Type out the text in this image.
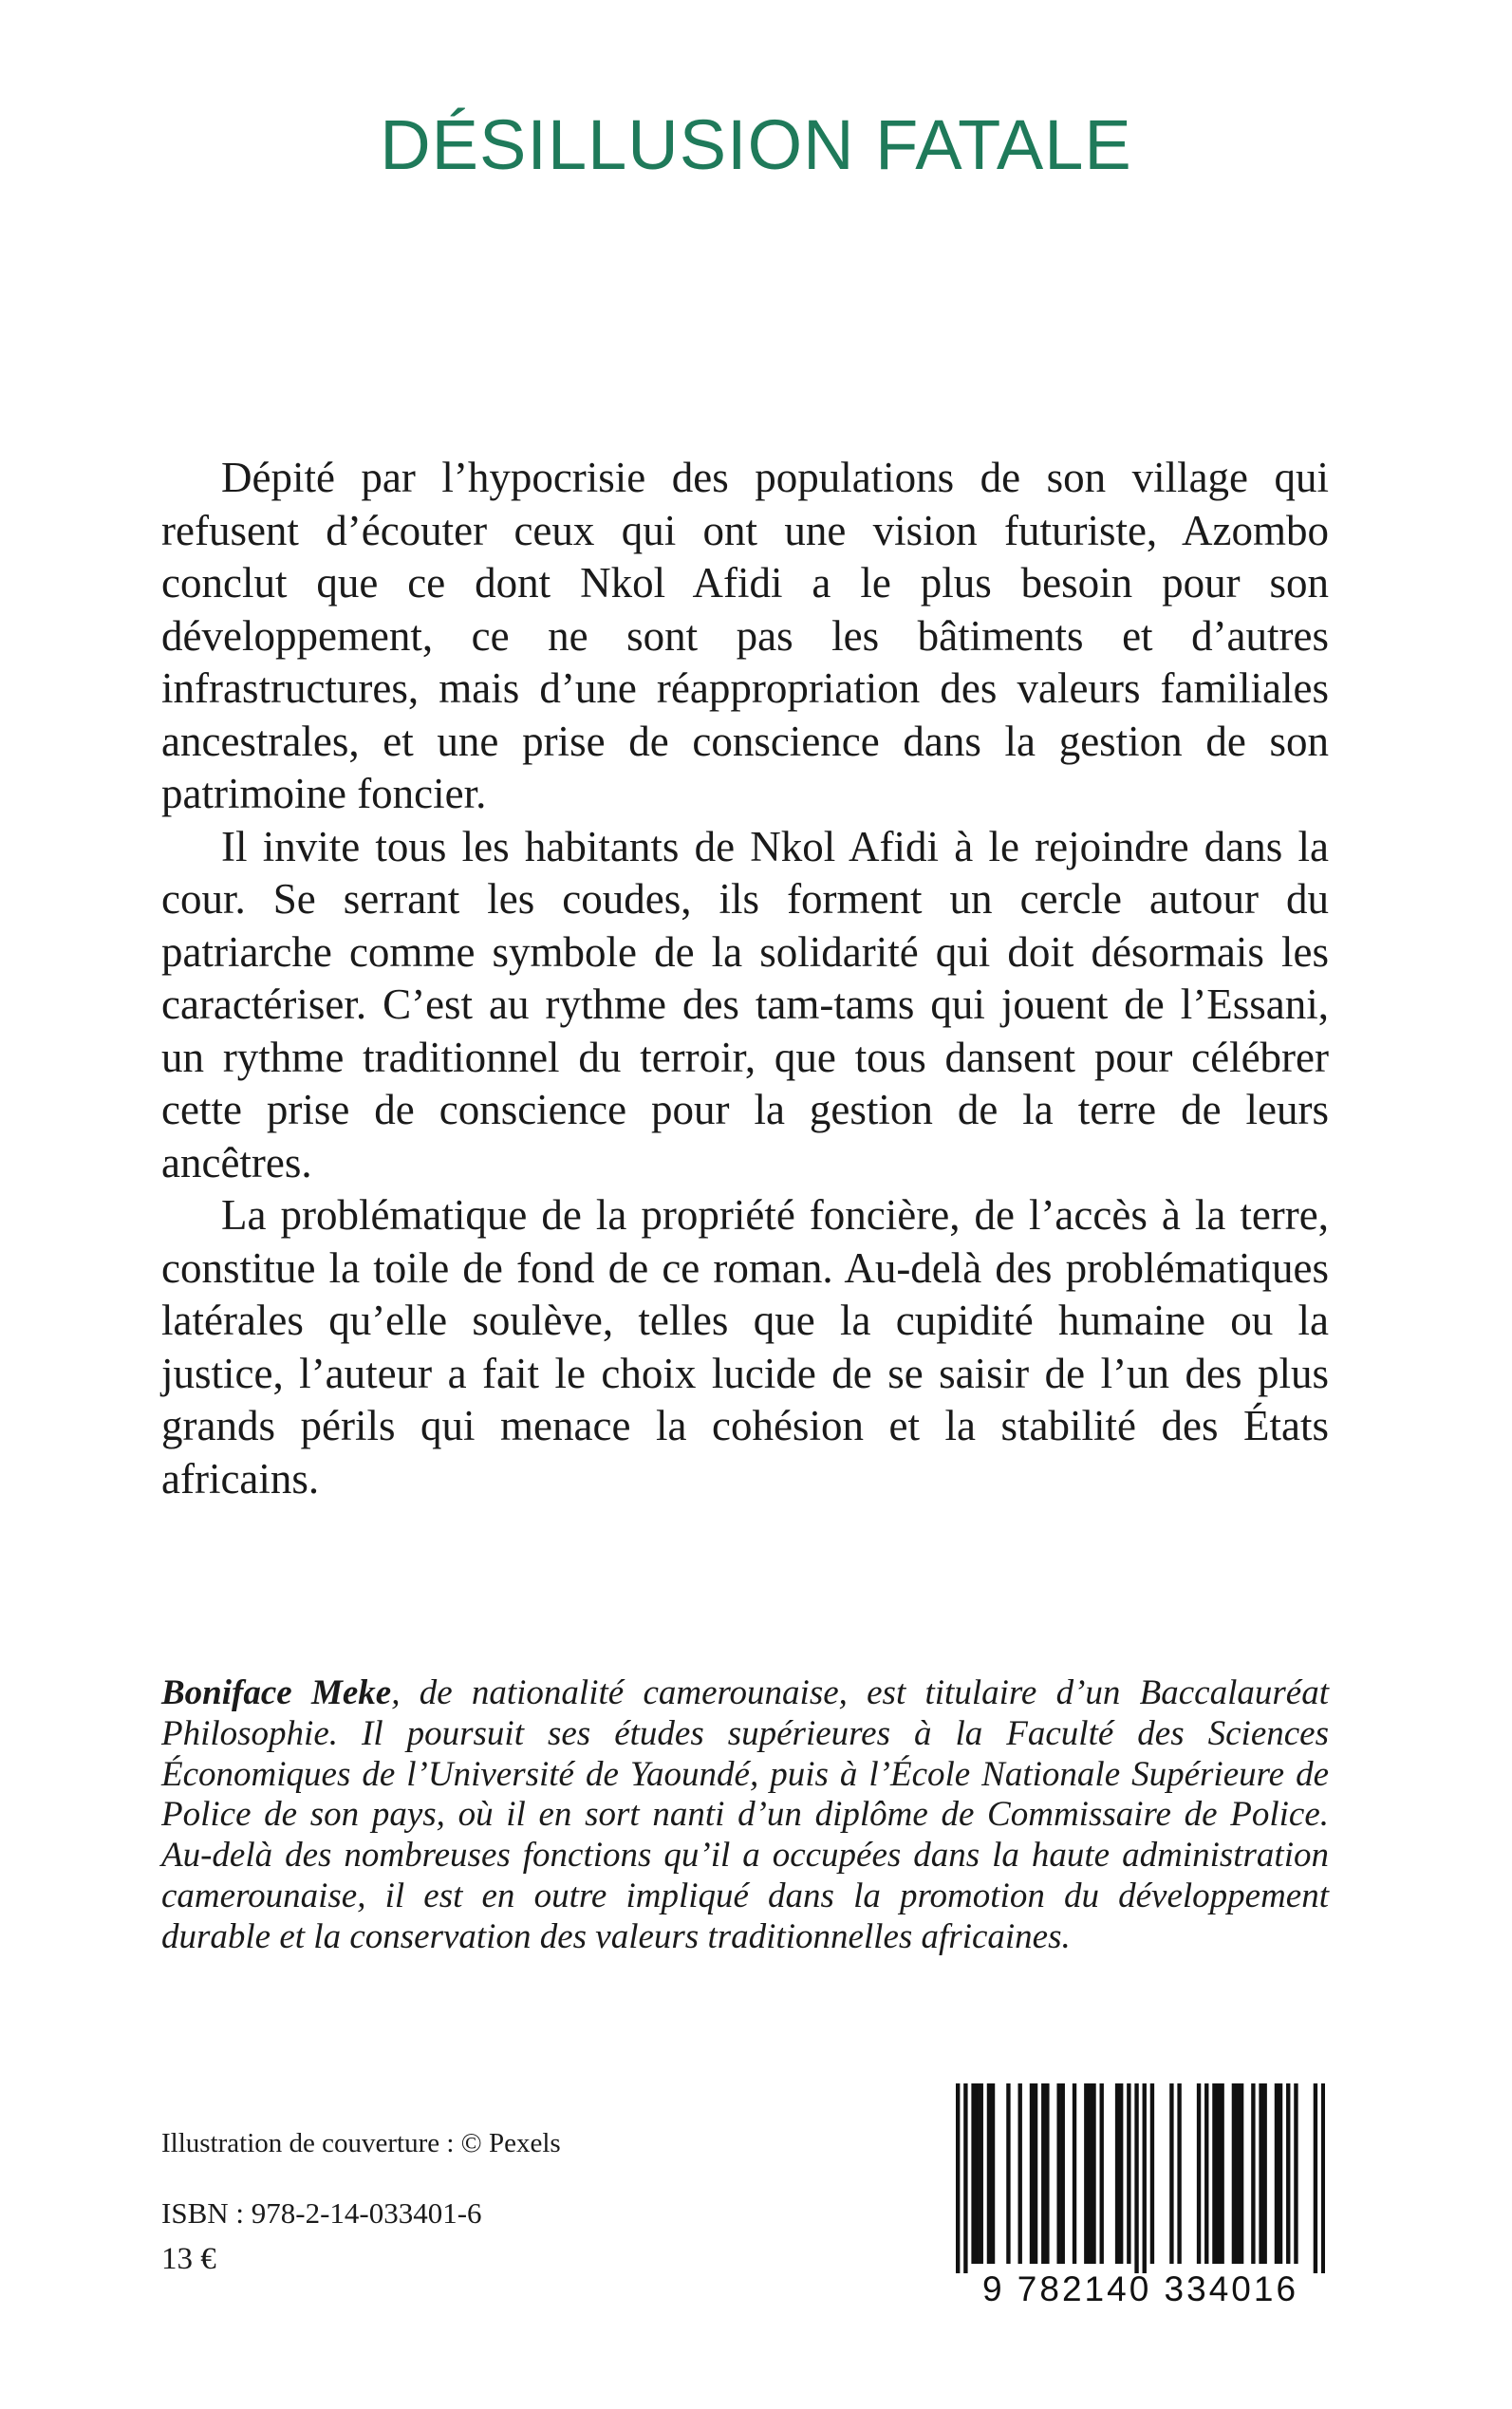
DÉSILLUSION FATALE

Dépité par l’hypocrisie des populations de son village qui refusent d’écouter ceux qui ont une vision futuriste, Azombo conclut que ce dont Nkol Afidi a le plus besoin pour son développement, ce ne sont pas les bâtiments et d’autres infrastructures, mais d’une réappropriation des valeurs familiales ancestrales, et une prise de conscience dans la gestion de son patrimoine foncier.

Il invite tous les habitants de Nkol Afidi à le rejoindre dans la cour. Se serrant les coudes, ils forment un cercle autour du patriarche comme symbole de la solidarité qui doit désormais les caractériser. C’est au rythme des tam-tams qui jouent de l’Essani, un rythme traditionnel du terroir, que tous dansent pour célébrer cette prise de conscience pour la gestion de la terre de leurs ancêtres.

La problématique de la propriété foncière, de l’accès à la terre, constitue la toile de fond de ce roman. Au-delà des problématiques latérales qu’elle soulève, telles que la cupidité humaine ou la justice, l’auteur a fait le choix lucide de se saisir de l’un des plus grands périls qui menace la cohésion et la stabilité des États africains.

Boniface Meke, de nationalité camerounaise, est titulaire d’un Baccalauréat Philosophie. Il poursuit ses études supérieures à la Faculté des Sciences Économiques de l’Université de Yaoundé, puis à l’École Nationale Supérieure de Police de son pays, où il en sort nanti d’un diplôme de Commissaire de Police. Au-delà des nombreuses fonctions qu’il a occupées dans la haute administration camerounaise, il est en outre impliqué dans la promotion du développement durable et la conservation des valeurs traditionnelles africaines.

Illustration de couverture : © Pexels
ISBN : 978-2-14-033401-6
13 €
9 782140 334016
